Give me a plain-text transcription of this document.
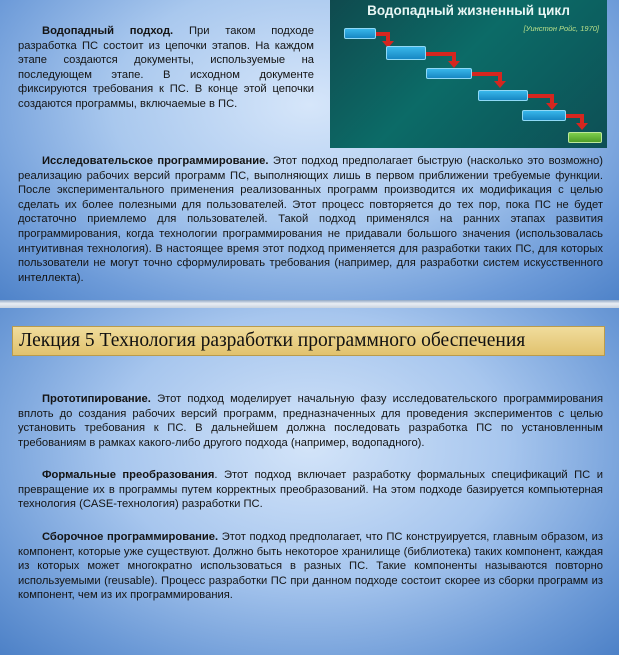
Водопадный подход. При таком подходе разработка ПС состоит из цепочки этапов. На каждом этапе создаются документы, используемые на последующем этапе. В исходном документе фиксируются требования к ПС. В конце этой цепочки создаются программы, включаемые в ПС.

Водопадный жизненный цикл
[Уинстон Ройс, 1970]

Исследовательское программирование. Этот подход предполагает быструю (насколько это возможно) реализацию рабочих версий программ ПС, выполняющих лишь в первом приближении требуемые функции. После экспериментального применения реализованных программ производится их модификация с целью сделать их более полезными для пользователей. Этот процесс повторяется до тех пор, пока ПС не будет достаточно приемлемо для пользователей. Такой подход применялся на ранних этапах развития программирования, когда технологии программирования не придавали большого значения (использовалась интуитивная технология). В настоящее время этот подход применяется для разработки таких ПС, для которых пользователи не могут точно сформулировать требования (например, для разработки систем искусственного интеллекта).

Лекция 5 Технология разработки программного обеспечения

Прототипирование. Этот подход моделирует начальную фазу исследовательского программирования вплоть до создания рабочих версий программ, предназначенных для проведения экспериментов с целью установить требования к ПС. В дальнейшем должна последовать разработка ПС по установленным требованиям в рамках какого-либо другого подхода (например, водопадного).

Формальные преобразования. Этот подход включает разработку формальных спецификаций ПС и превращение их в программы путем корректных преобразований. На этом подходе базируется компьютерная технология (CASE-технология) разработки ПС.

Сборочное программирование. Этот подход предполагает, что ПС конструируется, главным образом, из компонент, которые уже существуют. Должно быть некоторое хранилище (библиотека) таких компонент, каждая из которых может многократно использоваться в разных ПС. Такие компоненты называются повторно используемыми (reusable). Процесс разработки ПС при данном подходе состоит скорее из сборки программ из компонент, чем из их программирования.
